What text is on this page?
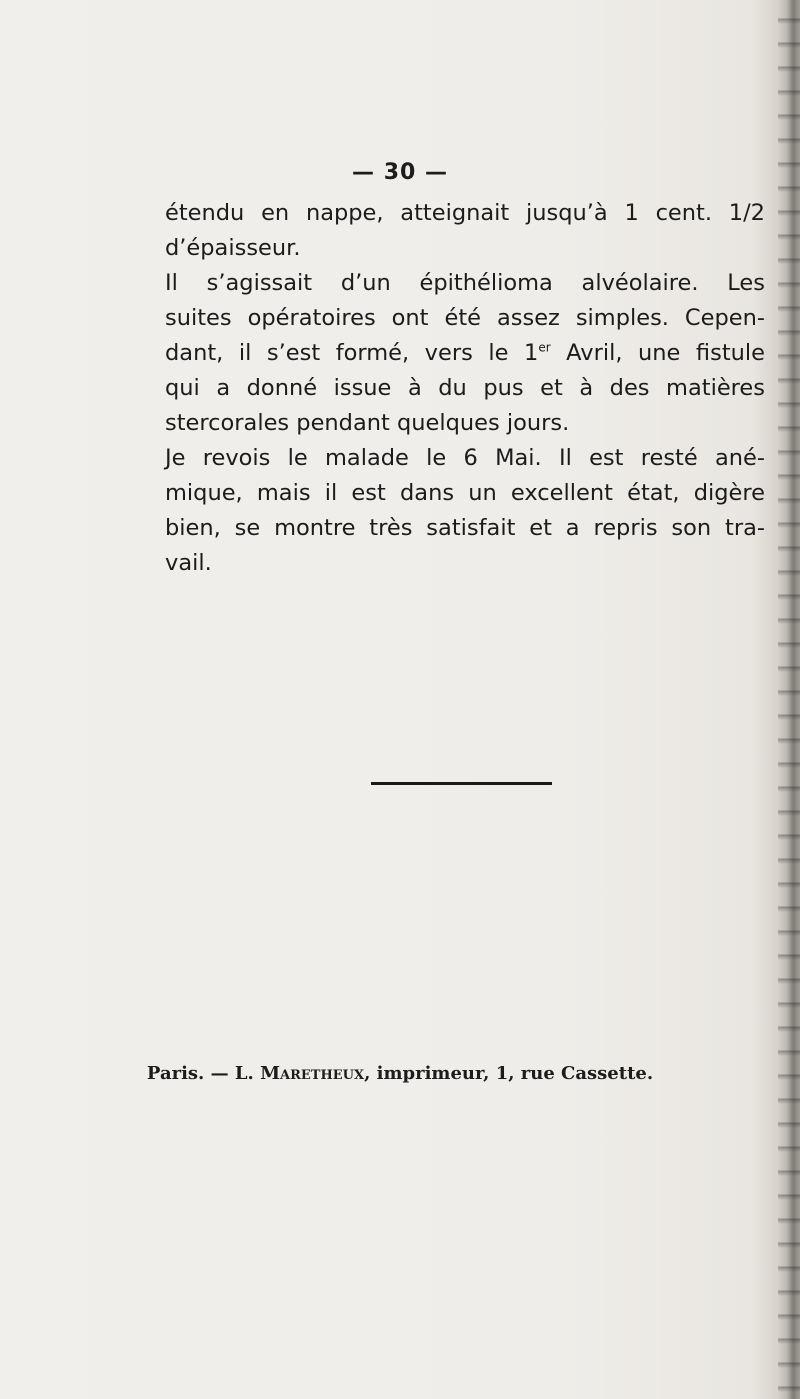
— 30 —
étendu en nappe, atteignait jusqu’à 1 cent. 1/2
d’épaisseur.
Il s’agissait d’un épithélioma alvéolaire. Les
suites opératoires ont été assez simples. Cepen-
dant, il s’est formé, vers le 1er Avril, une fistule
qui a donné issue à du pus et à des matières
stercorales pendant quelques jours.
Je revois le malade le 6 Mai. Il est resté ané-
mique, mais il est dans un excellent état, digère
bien, se montre très satisfait et a repris son tra-
vail.
Paris. — L. Maretheux, imprimeur, 1, rue Cassette.
